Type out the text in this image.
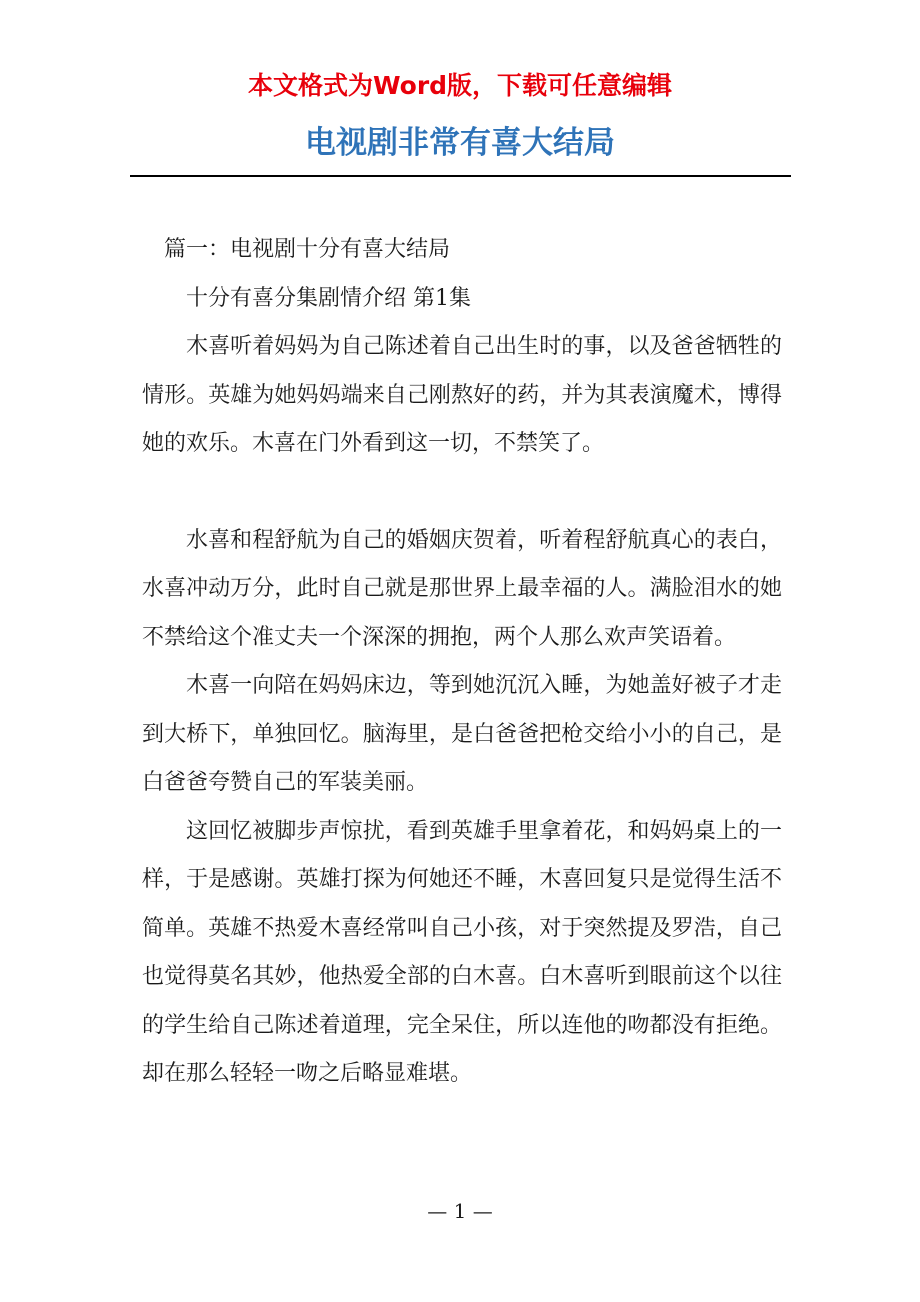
本文格式为Word版，下载可任意编辑
电视剧非常有喜大结局

篇一：电视剧十分有喜大结局

十分有喜分集剧情介绍 第1集

木喜听着妈妈为自己陈述着自己出生时的事，以及爸爸牺牲的情形。英雄为她妈妈端来自己刚熬好的药，并为其表演魔术，博得她的欢乐。木喜在门外看到这一切，不禁笑了。

水喜和程舒航为自己的婚姻庆贺着，听着程舒航真心的表白，水喜冲动万分，此时自己就是那世界上最幸福的人。满脸泪水的她不禁给这个准丈夫一个深深的拥抱，两个人那么欢声笑语着。

木喜一向陪在妈妈床边，等到她沉沉入睡，为她盖好被子才走到大桥下，单独回忆。脑海里，是白爸爸把枪交给小小的自己，是白爸爸夸赞自己的军装美丽。

这回忆被脚步声惊扰，看到英雄手里拿着花，和妈妈桌上的一样，于是感谢。英雄打探为何她还不睡，木喜回复只是觉得生活不简单。英雄不热爱木喜经常叫自己小孩，对于突然提及罗浩，自己也觉得莫名其妙，他热爱全部的白木喜。白木喜听到眼前这个以往的学生给自己陈述着道理，完全呆住，所以连他的吻都没有拒绝。却在那么轻轻一吻之后略显难堪。

— 1 —
